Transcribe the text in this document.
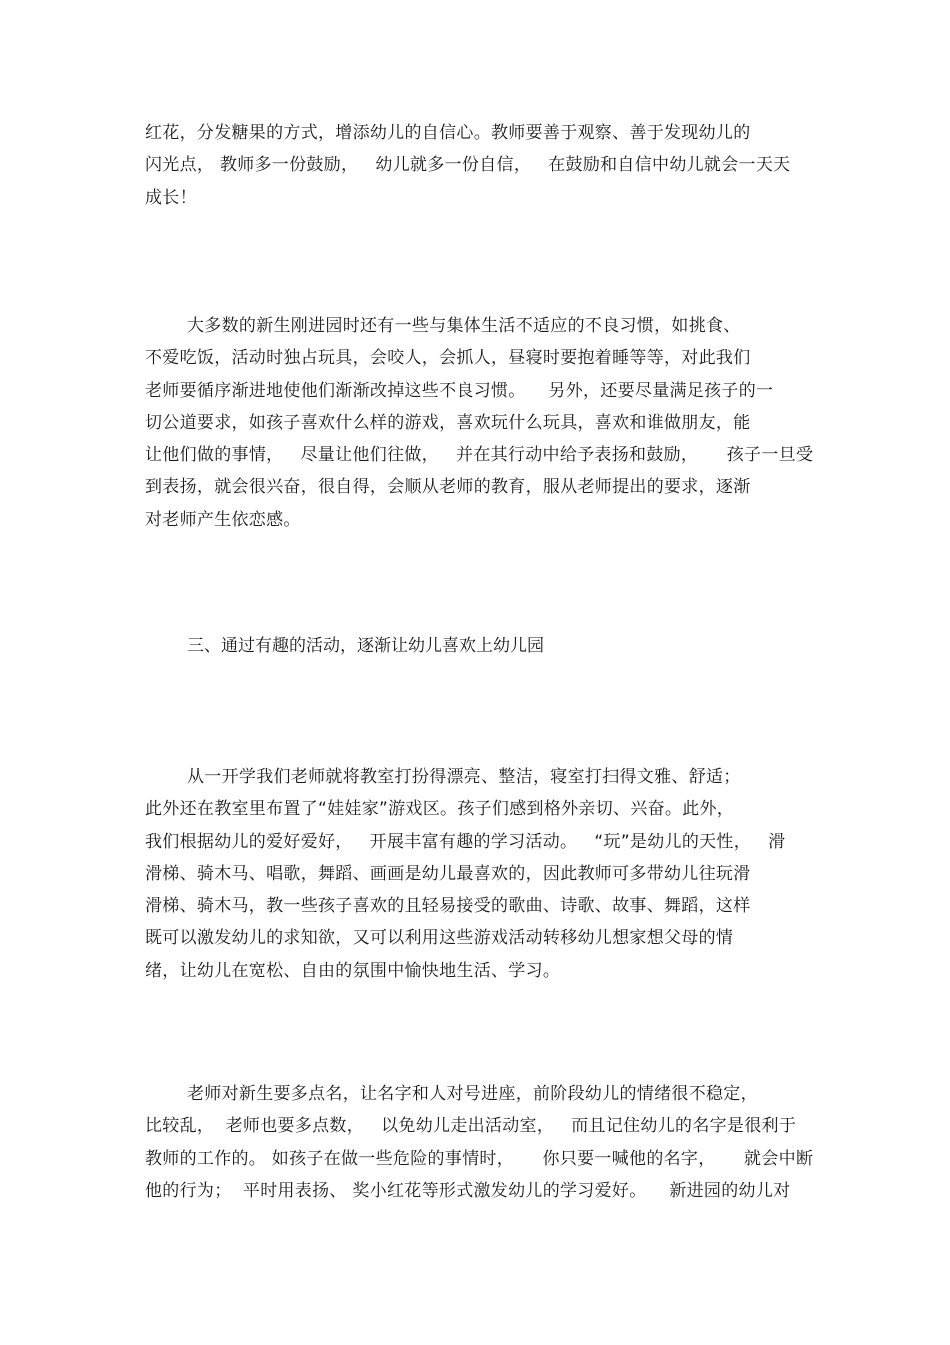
红花，分发糖果的方式，增添幼儿的自信心。教师要善于观察、善于发现幼儿的
闪光点， 教师多一份鼓励，   幼儿就多一份自信，   在鼓励和自信中幼儿就会一天天
成长！
大多数的新生刚进园时还有一些与集体生活不适应的不良习惯，如挑食、
不爱吃饭，活动时独占玩具，会咬人，会抓人，昼寝时要抱着睡等等，对此我们
老师要循序渐进地使他们渐渐改掉这些不良习惯。    另外，还要尽量满足孩子的一
切公道要求，如孩子喜欢什么样的游戏，喜欢玩什么玩具，喜欢和谁做朋友，能
让他们做的事情，   尽量让他们往做，   并在其行动中给予表扬和鼓励，     孩子一旦受
到表扬，就会很兴奋，很自得，会顺从老师的教育，服从老师提出的要求，逐渐
对老师产生依恋感。

三、通过有趣的活动，逐渐让幼儿喜欢上幼儿园

从一开学我们老师就将教室打扮得漂亮、整洁，寝室打扫得文雅、舒适；
此外还在教室里布置了“娃娃家”游戏区。孩子们感到格外亲切、兴奋。此外，
我们根据幼儿的爱好爱好，   开展丰富有趣的学习活动。   “玩”是幼儿的天性，   滑
滑梯、骑木马、唱歌，舞蹈、画画是幼儿最喜欢的，因此教师可多带幼儿往玩滑
滑梯、骑木马，教一些孩子喜欢的且轻易接受的歌曲、诗歌、故事、舞蹈，这样
既可以激发幼儿的求知欲，又可以利用这些游戏活动转移幼儿想家想父母的情
绪，让幼儿在宽松、自由的氛围中愉快地生活、学习。
老师对新生要多点名，让名字和人对号进座，前阶段幼儿的情绪很不稳定，
比较乱，  老师也要多点数，   以免幼儿走出活动室，   而且记住幼儿的名字是很利于
教师的工作的。 如孩子在做一些危险的事情时，     你只要一喊他的名字，     就会中断
他的行为；  平时用表扬、 奖小红花等形式激发幼儿的学习爱好。    新进园的幼儿对
